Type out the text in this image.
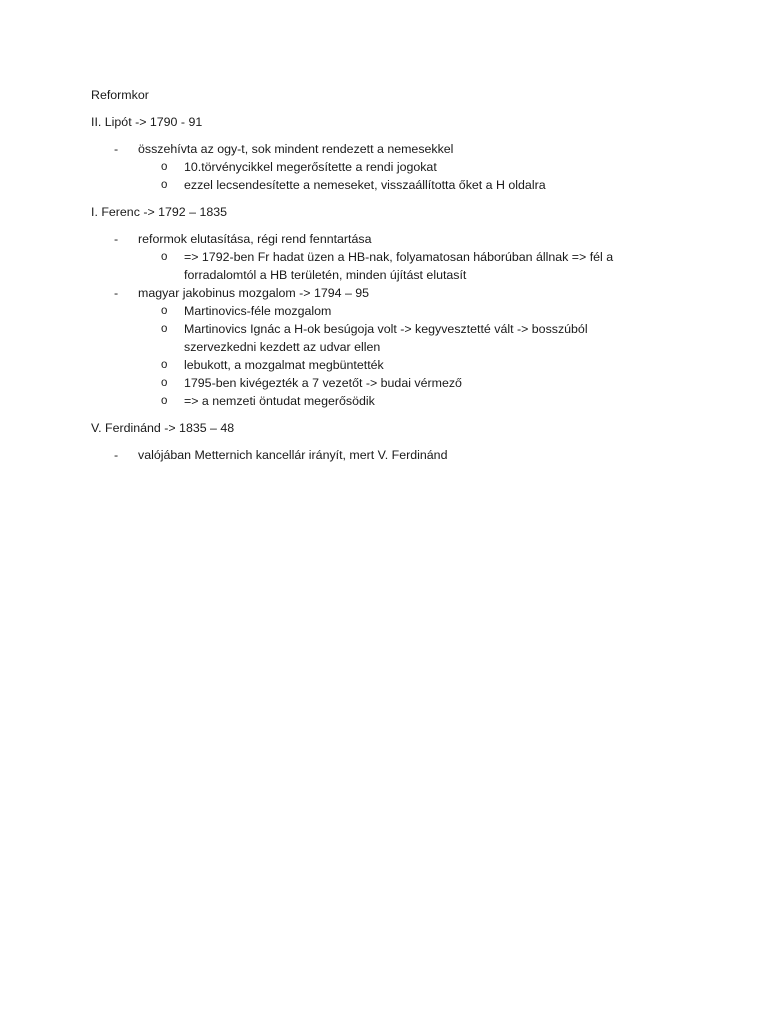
Reformkor

II. Lipót -> 1790 - 91

- összehívta az ogy-t, sok mindent rendezett a nemesekkel
o 10.törvénycikkel megerősítette a rendi jogokat
o ezzel lecsendesítette a nemeseket, visszaállította őket a H oldalra

I. Ferenc -> 1792 – 1835

- reformok elutasítása, régi rend fenntartása
o => 1792-ben Fr hadat üzen a HB-nak, folyamatosan háborúban állnak => fél a forradalomtól a HB területén, minden újítást elutasít
- magyar jakobinus mozgalom -> 1794 – 95
o Martinovics-féle mozgalom
o Martinovics Ignác a H-ok besúgoja volt -> kegyvesztetté vált -> bosszúból szervezkedni kezdett az udvar ellen
o lebukott, a mozgalmat megbüntették
o 1795-ben kivégezték a 7 vezetőt -> budai vérmező
o => a nemzeti öntudat megerősödik

V. Ferdinánd -> 1835 – 48

- valójában Metternich kancellár irányít, mert V. Ferdinánd
